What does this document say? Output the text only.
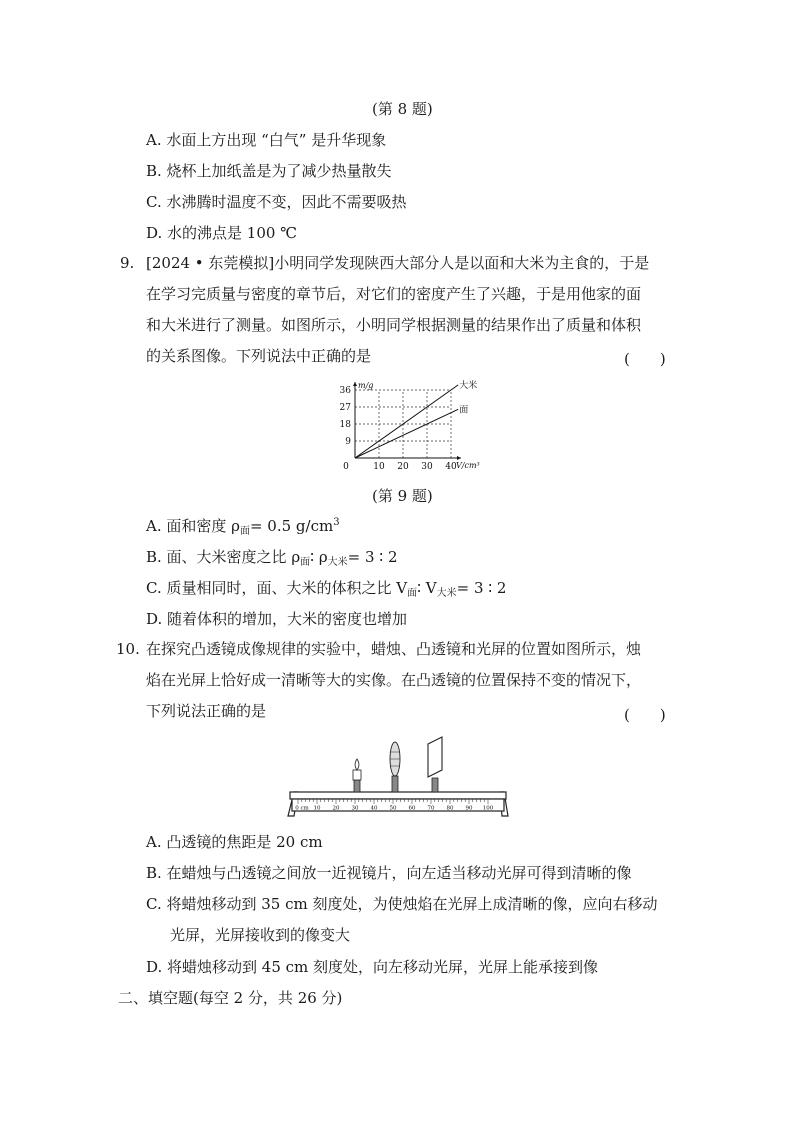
(第 8 题)
A. 水面上方出现 “白气” 是升华现象
B. 烧杯上加纸盖是为了减少热量散失
C. 水沸腾时温度不变，因此不需要吸热
D. 水的沸点是 100 ℃
9. [2024 • 东莞模拟]小明同学发现陕西大部分人是以面和大米为主食的，于是
在学习完质量与密度的章节后，对它们的密度产生了兴趣，于是用他家的面
和大米进行了测量。如图所示，小明同学根据测量的结果作出了质量和体积
的关系图像。下列说法中正确的是	(　　)
0	10 20 30 40
9
18
27
36
m/g
V/cm³
大米
面
(第 9 题)
A. 面和密度 $\rho_面= 0.5$ $g/cm^3$
B. 面、大米密度之比 $\rho_面∶$ $\rho_{大米}= 3$ ∶ 2
C. 质量相同时，面、大米的体积之比 $V_面∶$ $V_{大米}= 3$ ∶ 2
D. 随着体积的增加，大米的密度也增加
10. 在探究凸透镜成像规律的实验中，蜡烛、凸透镜和光屏的位置如图所示，烛
焰在光屏上恰好成一清晰等大的实像。在凸透镜的位置保持不变的情况下，
下列说法正确的是	(　　)
0 cm 10 20 30 40 50 60 70 80 90 100
A. 凸透镜的焦距是 20 cm
B. 在蜡烛与凸透镜之间放一近视镜片，向左适当移动光屏可得到清晰的像
C. 将蜡烛移动到 35 cm 刻度处，为使烛焰在光屏上成清晰的像，应向右移动
光屏，光屏接收到的像变大
D. 将蜡烛移动到 45 cm 刻度处，向左移动光屏，光屏上能承接到像
二、填空题(每空 2 分，共 26 分)
